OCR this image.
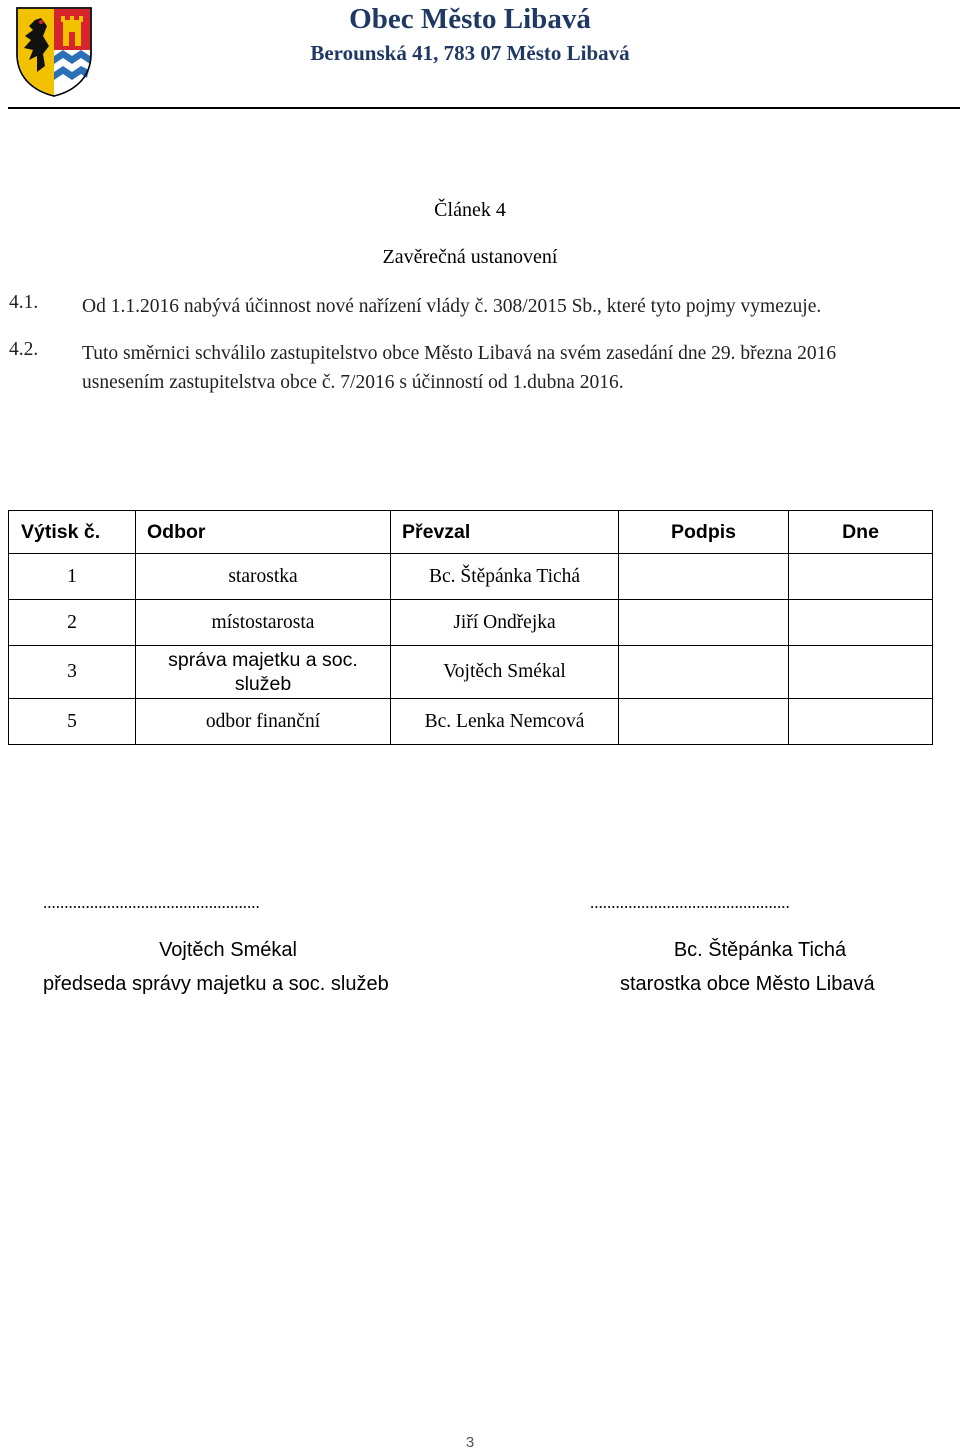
Obec Město Libavá
Berounská 41, 783 07 Město Libavá
Článek 4
Zavěrečná ustanovení
4.1. Od 1.1.2016 nabývá účinnost nové nařízení vlády č. 308/2015 Sb., které tyto pojmy vymezuje.
4.2. Tuto směrnici schválilo zastupitelstvo obce Město Libavá na svém zasedání dne 29. března 2016 usnesením zastupitelstva obce č. 7/2016 s účinností od 1.dubna 2016.
Výtisk č.	Odbor	Převzal	Podpis	Dne
1	starostka	Bc. Štěpánka Tichá		
2	místostarosta	Jiří Ondřejka		
3	správa majetku a soc. služeb	Vojtěch Smékal		
5	odbor finanční	Bc. Lenka Nemcová		
...................................................	...............................................
Vojtěch Smékal
předseda správy majetku a soc. služeb
Bc. Štěpánka Tichá
starostka obce Město Libavá
3
